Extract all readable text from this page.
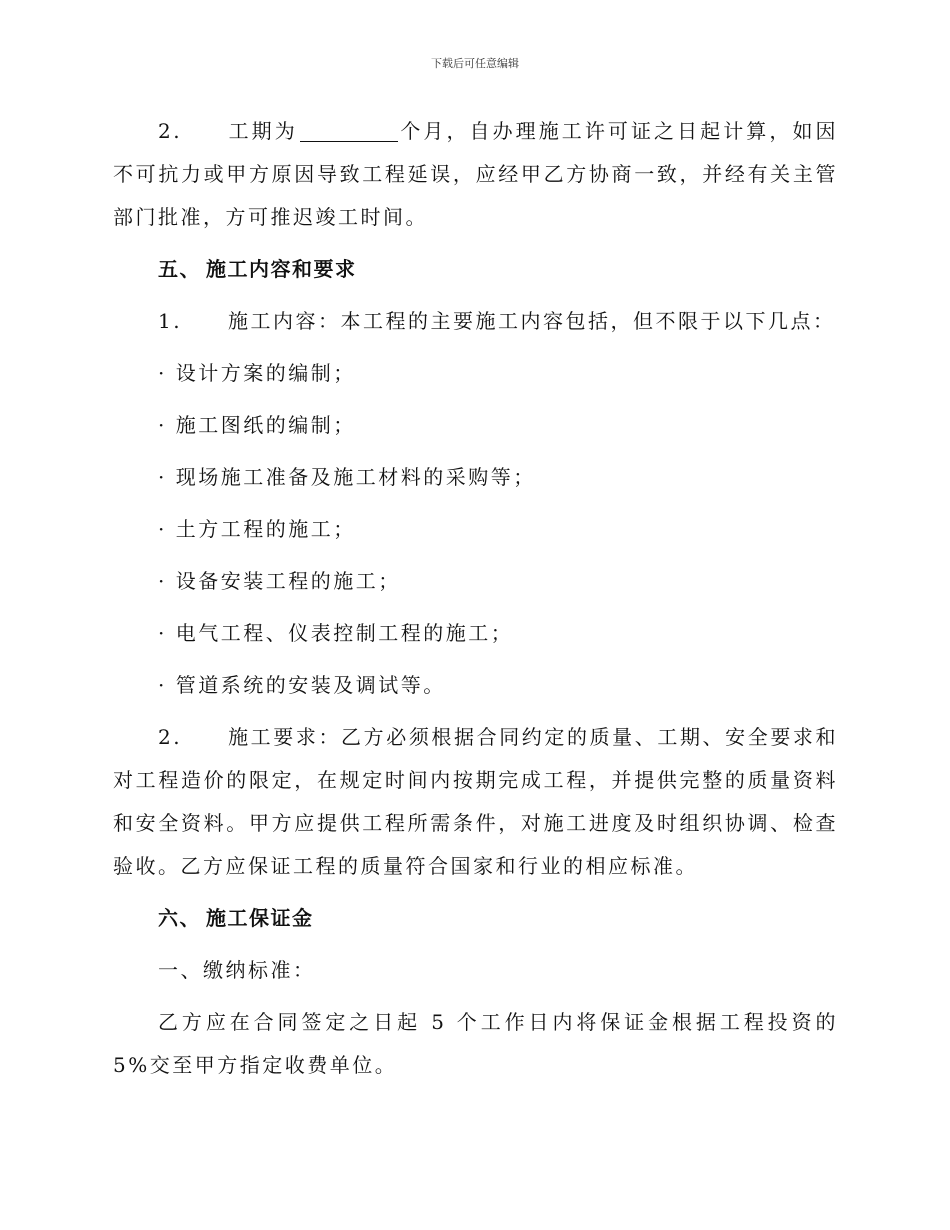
下载后可任意编辑

2. 工期为	个月，自办理施工许可证之日起计算，如因不可抗力或甲方原因导致工程延误，应经甲乙方协商一致，并经有关主管部门批准，方可推迟竣工时间。

五、 施工内容和要求

1. 施工内容：本工程的主要施工内容包括，但不限于以下几点：

· 设计方案的编制；

· 施工图纸的编制；

· 现场施工准备及施工材料的采购等；

· 土方工程的施工；

· 设备安装工程的施工；

· 电气工程、仪表控制工程的施工；

· 管道系统的安装及调试等。

2. 施工要求：乙方必须根据合同约定的质量、工期、安全要求和对工程造价的限定，在规定时间内按期完成工程，并提供完整的质量资料和安全资料。甲方应提供工程所需条件，对施工进度及时组织协调、检查验收。乙方应保证工程的质量符合国家和行业的相应标准。

六、 施工保证金

一、缴纳标准：

乙方应在合同签定之日起 5 个工作日内将保证金根据工程投资的 5%交至甲方指定收费单位。
